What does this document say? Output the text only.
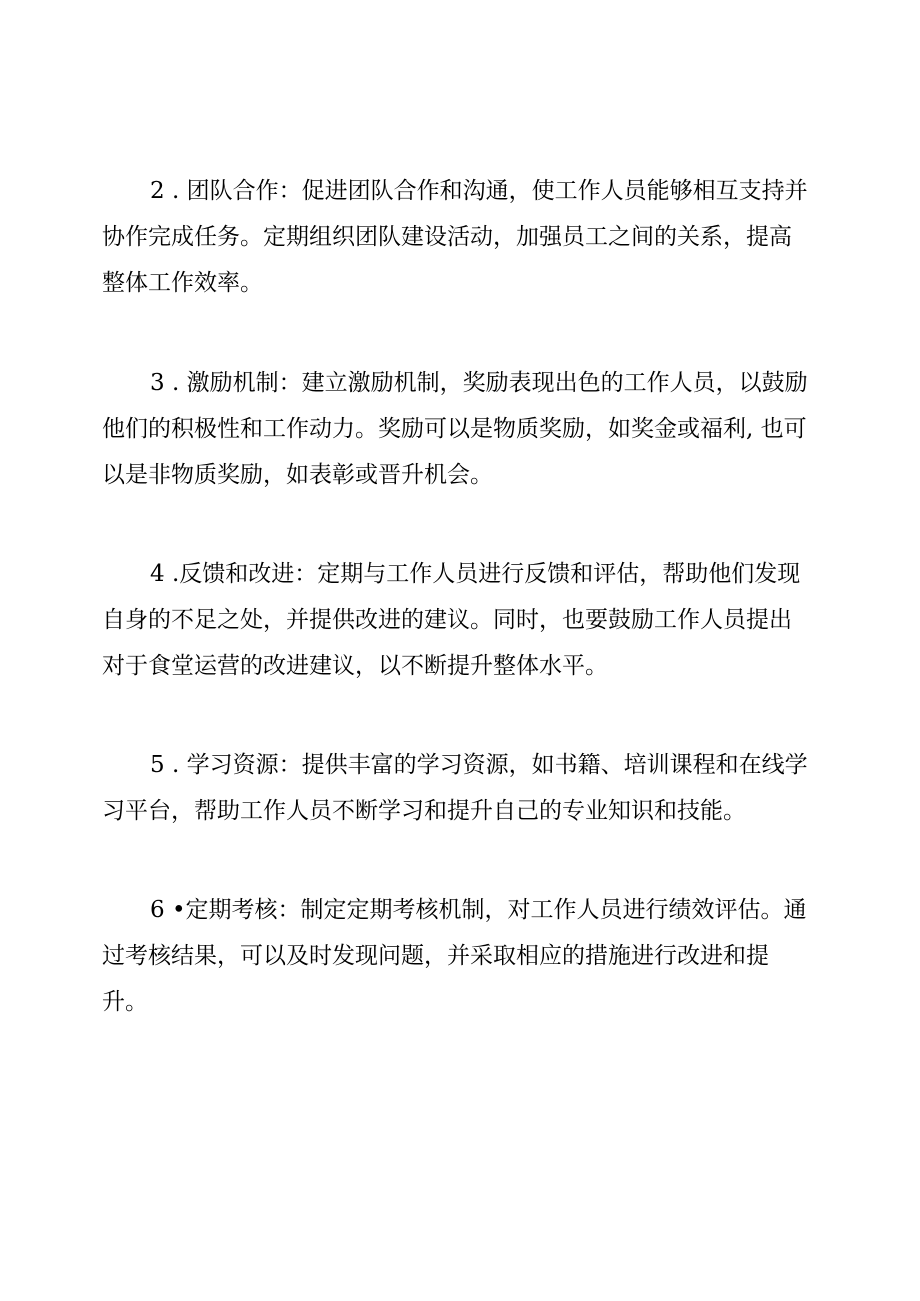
2 . 团队合作：促进团队合作和沟通，使工作人员能够相互支持并
协作完成任务。定期组织团队建设活动，加强员工之间的关系，提高
整体工作效率。

3 . 激励机制：建立激励机制，奖励表现出色的工作人员，以鼓励
他们的积极性和工作动力。奖励可以是物质奖励，如奖金或福利, 也可
以是非物质奖励，如表彰或晋升机会。

4 .反馈和改进：定期与工作人员进行反馈和评估，帮助他们发现
自身的不足之处，并提供改进的建议。同时，也要鼓励工作人员提出
对于食堂运营的改进建议，以不断提升整体水平。

5 . 学习资源：提供丰富的学习资源，如书籍、培训课程和在线学
习平台，帮助工作人员不断学习和提升自己的专业知识和技能。

6 •定期考核：制定定期考核机制，对工作人员进行绩效评估。通
过考核结果，可以及时发现问题，并采取相应的措施进行改进和提
升。
